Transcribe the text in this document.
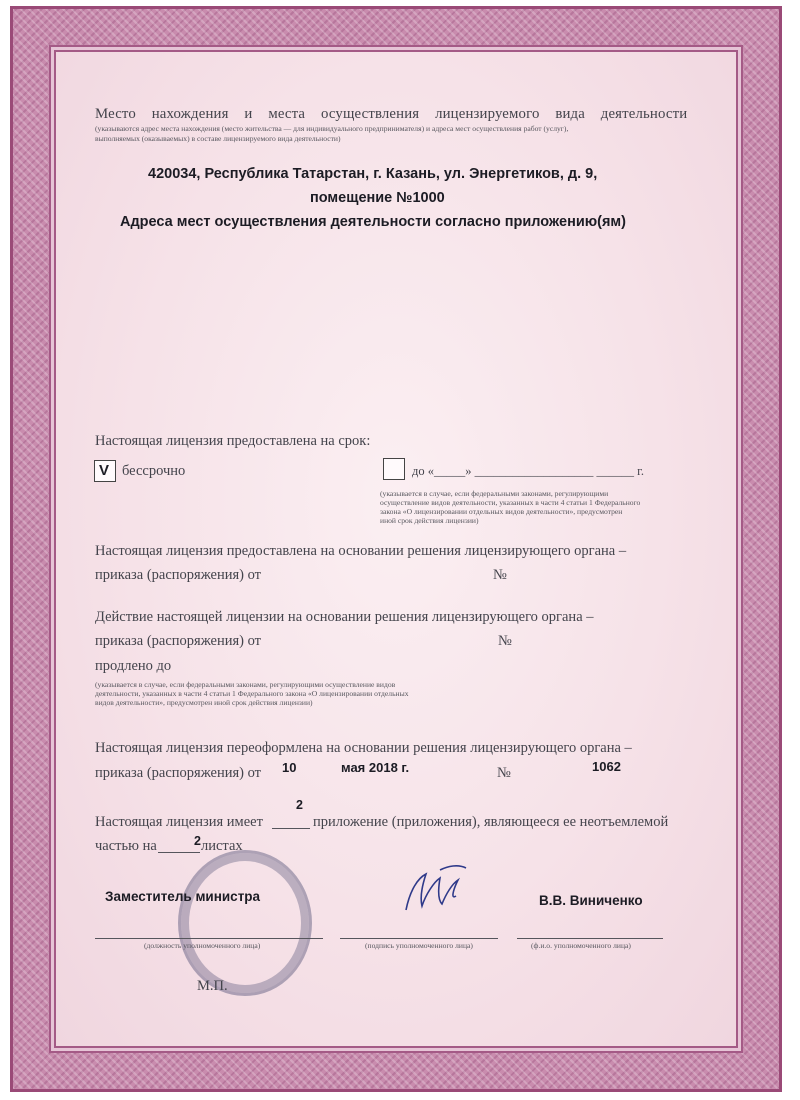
Место нахождения и места осуществления лицензируемого вида деятельности
(указываются адрес места нахождения (место жительства — для индивидуального предпринимателя) и адреса мест осуществления работ (услуг),
выполняемых (оказываемых) в составе лицензируемого вида деятельности)
420034, Республика Татарстан, г. Казань, ул. Энергетиков, д. 9,
помещение №1000
Адреса мест осуществления деятельности согласно приложению(ям)
Настоящая лицензия предоставлена на срок:
V бессрочно	до «_____» ___________________ ______ г.
(указывается в случае, если федеральными законами, регулирующими
осуществление видов деятельности, указанных в части 4 статьи 1 Федерального
закона «О лицензировании отдельных видов деятельности», предусмотрен
иной срок действия лицензии)
Настоящая лицензия предоставлена на основании решения лицензирующего органа –
приказа (распоряжения) от	№
Действие настоящей лицензии на основании решения лицензирующего органа –
приказа (распоряжения) от	№
продлено до
(указывается в случае, если федеральными законами, регулирующими осуществление видов
деятельности, указанных в части 4 статьи 1 Федерального закона «О лицензировании отдельных
видов деятельности», предусмотрен иной срок действия лицензии)
Настоящая лицензия переоформлена на основании решения лицензирующего органа –
приказа (распоряжения) от 10	мая 2018 г.	№	1062
Настоящая лицензия имеет
2
приложение (приложения), являющееся ее неотъемлемой
частью на	2 листах
Заместитель министра	В.В. Виниченко
(должность уполномоченного лица)	(подпись уполномоченного лица)	(ф.и.о. уполномоченного лица)
М.П.
